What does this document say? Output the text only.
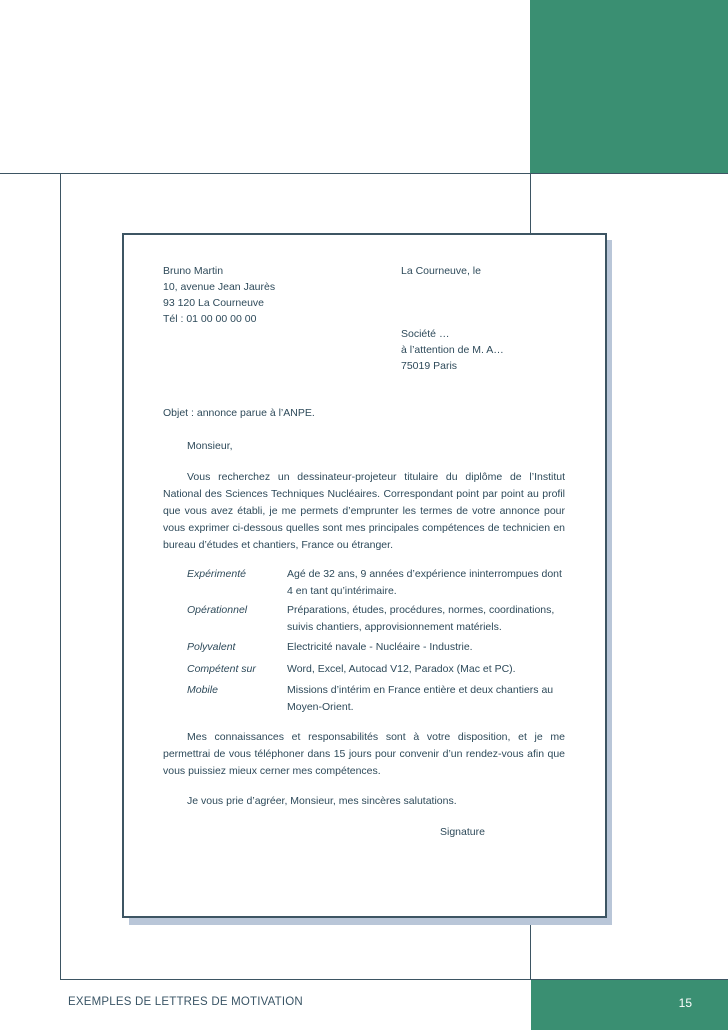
EXEMPLES DE LETTRES DE MOTIVATION	15
Bruno Martin
10, avenue Jean Jaurès
93 120 La Courneuve
Tél : 01 00 00 00 00
La Courneuve, le
Société …
à l’attention de M. A…
75019 Paris
Objet : annonce parue à l’ANPE.
Monsieur,
Vous recherchez un dessinateur-projeteur titulaire du diplôme de l’Institut National des Sciences Techniques Nucléaires. Correspondant point par point au profil que vous avez établi, je me permets d’emprunter les termes de votre annonce pour vous exprimer ci-dessous quelles sont mes principales compétences de technicien en bureau d’études et chantiers, France ou étranger.
Expérimenté	Agé de 32 ans, 9 années d’expérience ininterrompues dont 4 en tant qu’intérimaire.
Opérationnel	Préparations, études, procédures, normes, coordinations, suivis chantiers, approvisionnement matériels.
Polyvalent	Electricité navale - Nucléaire - Industrie.
Compétent sur	Word, Excel, Autocad V12, Paradox (Mac et PC).
Mobile	Missions d’intérim en France entière et deux chantiers au Moyen-Orient.
Mes connaissances et responsabilités sont à votre disposition, et je me permettrai de vous téléphoner dans 15 jours pour convenir d’un rendez-vous afin que vous puissiez mieux cerner mes compétences.
Je vous prie d’agréer, Monsieur, mes sincères salutations.
Signature
